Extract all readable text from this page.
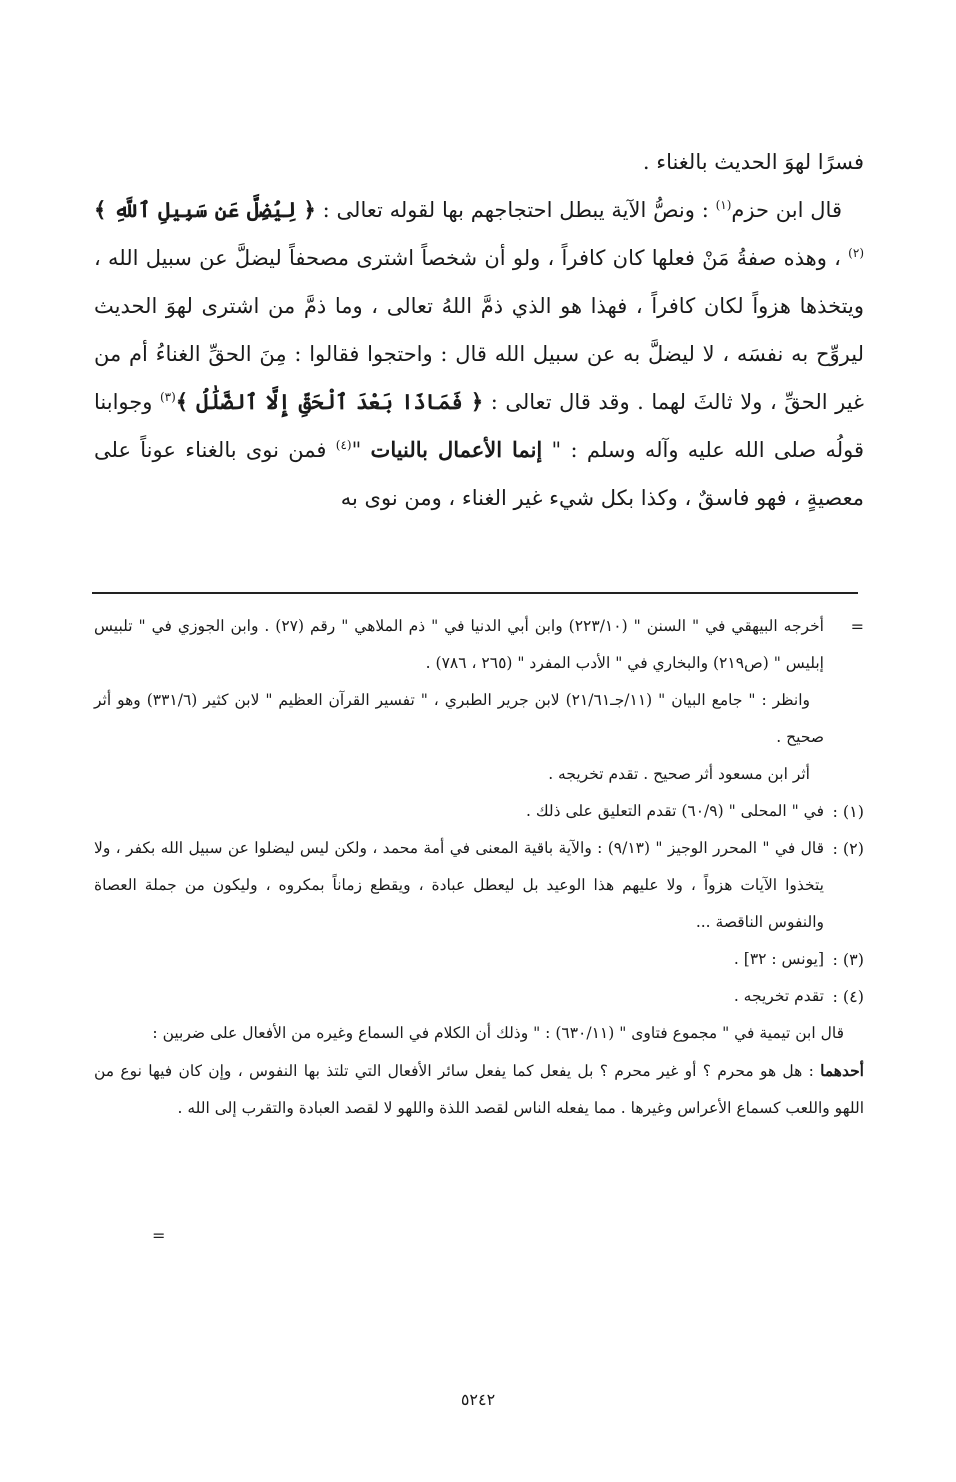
فسرًا لهوَ الحديث بالغناء .

قال ابن حزم$^{(١)}$ : ونصُّ الآية يبطل احتجاجهم بها لقوله تعالى : ﴿ لِيُضِلَّ عَن سَبِيلِ ٱللَّهِ ﴾$^{(٢)}$ ، وهذه صفةُ مَنْ فعلها كان كافراً ، ولو أن شخصاً اشترى مصحفاً ليضلَّ عن سبيل الله ، ويتخذها هزواً لكان كافراً ، فهذا هو الذي ذمَّ اللهُ تعالى ، وما ذمَّ من اشترى لهوَ الحديث ليروِّح به نفسَه ، لا ليضلَّ به عن سبيل الله قال : واحتجوا فقالوا : مِنَ الحقِّ الغناءُ أم من غير الحقِّ ، ولا ثالثَ لهما . وقد قال تعالى : ﴿ فَمَاذَا بَعْدَ ٱلْحَقِّ إِلَّا ٱلضَّلَٰلُ ﴾$^{(٣)}$ وجوابنا قولُه صلى الله عليه وآله وسلم : " إنما الأعمال بالنيات "$^{(٤)}$ فمن نوى بالغناء عوناً على معصيةٍ ، فهو فاسقٌ ، وكذا بكل شيء غير الغناء ، ومن نوى به

=

أخرجه البيهقي في " السنن " (٢٢٣/١٠) وابن أبي الدنيا في " ذم الملاهي " رقم (٢٧) . وابن الجوزي في " تلبيس إبليس " (ص٢١٩) والبخاري في " الأدب المفرد " (٢٦٥ ، ٧٨٦) .

وانظر : " جامع البيان " (١١/جـ٢١/٦١) لابن جرير الطبري ، " تفسير القرآن العظيم " لابن كثير (٣٣١/٦) وهو أثر صحيح .

أثر ابن مسعود أثر صحيح . تقدم تخريجه .

(١) :

في " المحلى " (٦٠/٩) تقدم التعليق على ذلك .

(٢) :

قال في " المحرر الوجيز " (٩/١٣) : والآية باقية المعنى في أمة محمد ، ولكن ليس ليضلوا عن سبيل الله بكفر ، ولا يتخذوا الآيات هزواً ، ولا عليهم هذا الوعيد بل ليعطل عبادة ، ويقطع زماناً بمكروه ، وليكون من جملة العصاة والنفوس الناقصة ...

(٣) :

[يونس : ٣٢] .

(٤) :

تقدم تخريجه .

قال ابن تيمية في " مجموع فتاوى " (٦٣٠/١١) : " وذلك أن الكلام في السماع وغيره من الأفعال على ضربين :

أحدهما : هل هو محرم ؟ أو غير محرم ؟ بل يفعل كما يفعل سائر الأفعال التي تلتذ بها النفوس ، وإن كان فيها نوع من اللهو واللعب كسماع الأعراس وغيرها . مما يفعله الناس لقصد اللذة واللهو لا لقصد العبادة والتقرب إلى الله .

=
٥٢٤٢
